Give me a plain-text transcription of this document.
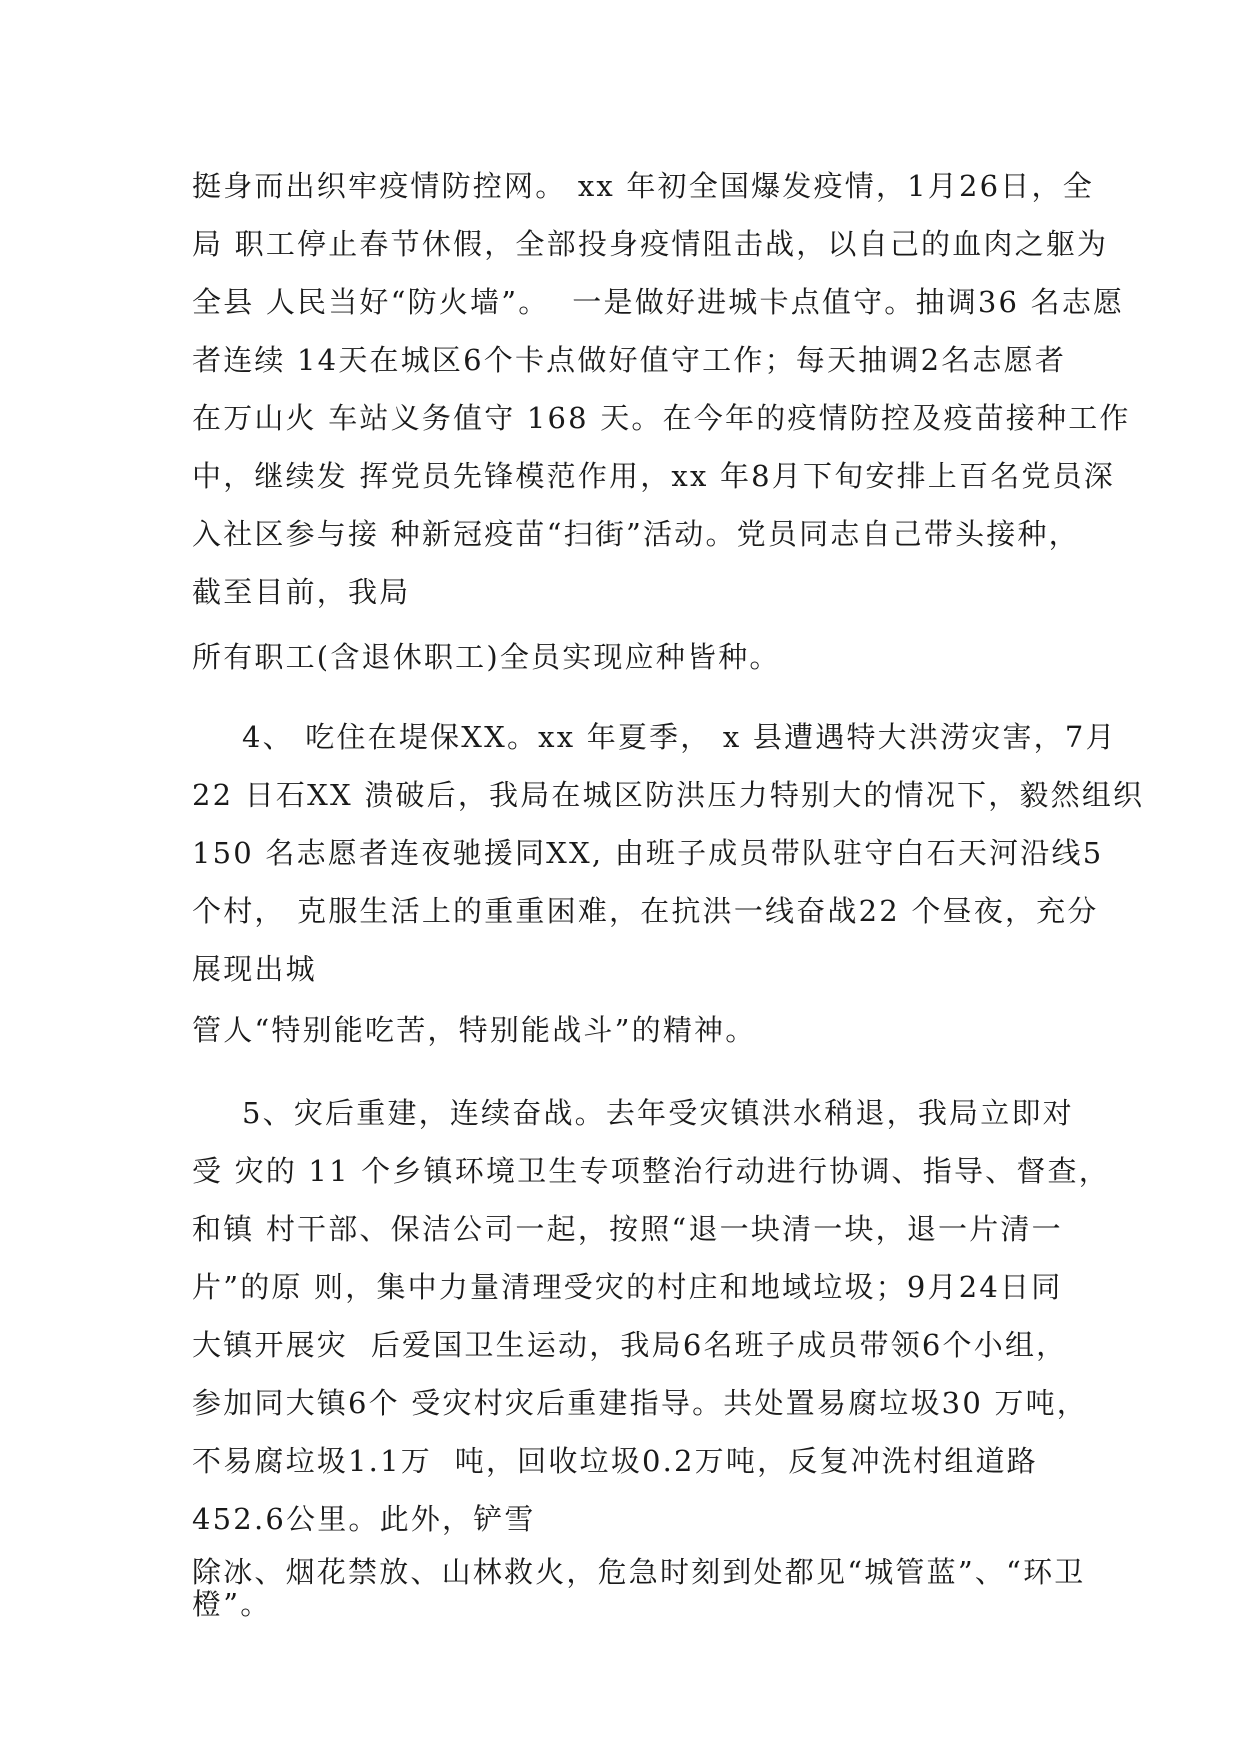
挺身而出织牢疫情防控网。 xx 年初全国爆发疫情，1月26日，全
局 职工停止春节休假，全部投身疫情阻击战，以自己的血肉之躯为
全县 人民当好“防火墙”。  一是做好进城卡点值守。抽调36 名志愿
者连续 14天在城区6个卡点做好值守工作；每天抽调2名志愿者
在万山火 车站义务值守 168 天。在今年的疫情防控及疫苗接种工作
中，继续发 挥党员先锋模范作用，xx 年8月下旬安排上百名党员深
入社区参与接 种新冠疫苗“扫街”活动。党员同志自己带头接种，
截至目前，我局
所有职工(含退休职工)全员实现应种皆种。
4、 吃住在堤保XX。xx 年夏季， x 县遭遇特大洪涝灾害，7月
22 日石XX 溃破后，我局在城区防洪压力特别大的情况下，毅然组织
150 名志愿者连夜驰援同XX, 由班子成员带队驻守白石天河沿线5
个村， 克服生活上的重重困难，在抗洪一线奋战22 个昼夜，充分
展现出城
管人“特别能吃苦，特别能战斗”的精神。
5、灾后重建，连续奋战。去年受灾镇洪水稍退，我局立即对
受 灾的 11 个乡镇环境卫生专项整治行动进行协调、指导、督查，
和镇 村干部、保洁公司一起，按照“退一块清一块，退一片清一
片”的原 则，集中力量清理受灾的村庄和地域垃圾；9月24日同
大镇开展灾  后爱国卫生运动，我局6名班子成员带领6个小组，
参加同大镇6个 受灾村灾后重建指导。共处置易腐垃圾30 万吨，
不易腐垃圾1.1万  吨，回收垃圾0.2万吨，反复冲洗村组道路
452.6公里。此外，铲雪
除冰、烟花禁放、山林救火，危急时刻到处都见“城管蓝”、“环卫
橙”。
